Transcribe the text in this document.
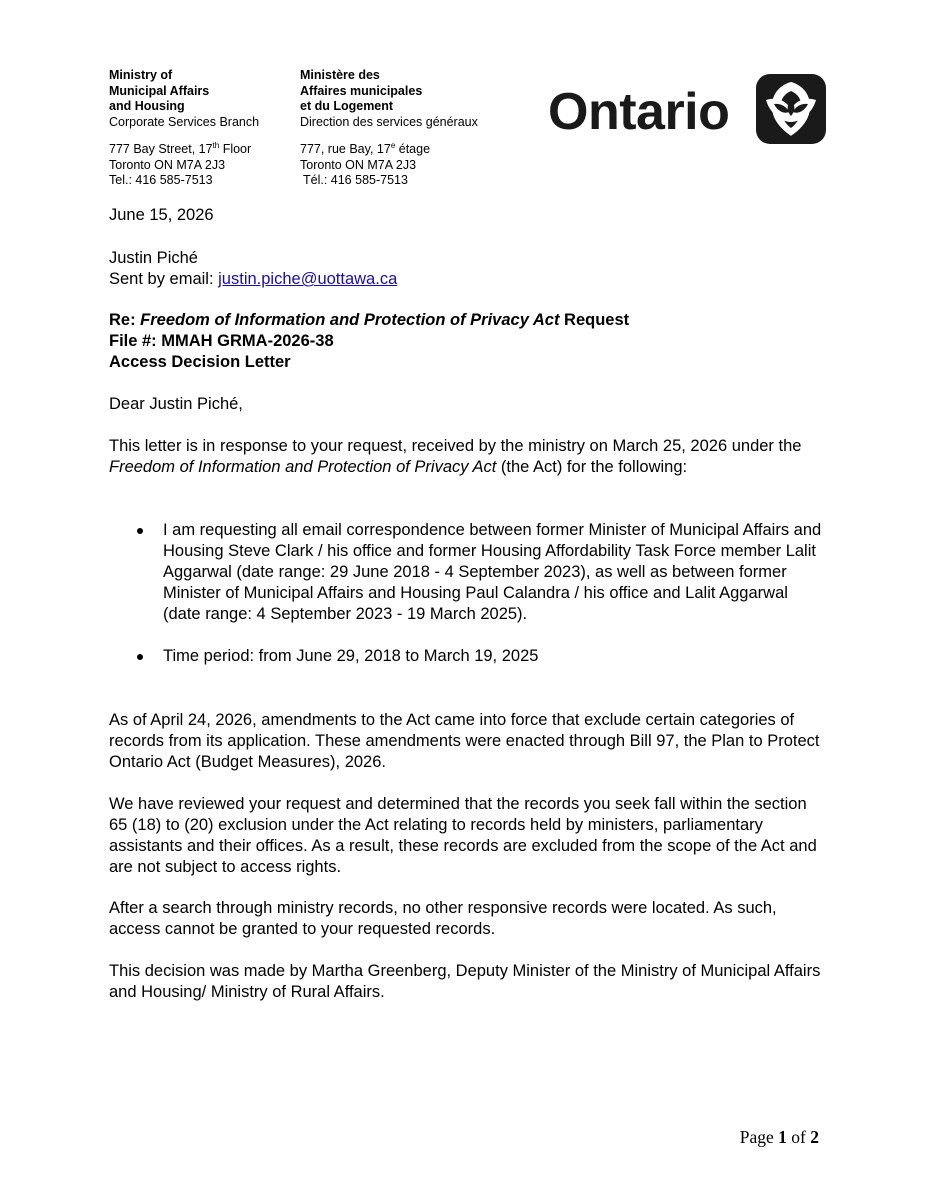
Ministry of
Municipal Affairs
and Housing
Corporate Services Branch
777 Bay Street, 17th Floor
Toronto ON M7A 2J3
Tel.: 416 585-7513
Ministère des
Affaires municipales
et du Logement
Direction des services généraux
777, rue Bay, 17e étage
Toronto ON M7A 2J3
Tél.: 416 585-7513
Ontario
June 15, 2026
Justin Piché
Sent by email: justin.piche@uottawa.ca
Re: Freedom of Information and Protection of Privacy Act Request
File #: MMAH GRMA-2026-38
Access Decision Letter
Dear Justin Piché,
This letter is in response to your request, received by the ministry on March 25, 2026 under the Freedom of Information and Protection of Privacy Act (the Act) for the following:
I am requesting all email correspondence between former Minister of Municipal Affairs and Housing Steve Clark / his office and former Housing Affordability Task Force member Lalit Aggarwal (date range: 29 June 2018 - 4 September 2023), as well as between former Minister of Municipal Affairs and Housing Paul Calandra / his office and Lalit Aggarwal (date range: 4 September 2023 - 19 March 2025).
Time period: from June 29, 2018 to March 19, 2025
As of April 24, 2026, amendments to the Act came into force that exclude certain categories of records from its application. These amendments were enacted through Bill 97, the Plan to Protect Ontario Act (Budget Measures), 2026.
We have reviewed your request and determined that the records you seek fall within the section 65 (18) to (20) exclusion under the Act relating to records held by ministers, parliamentary assistants and their offices. As a result, these records are excluded from the scope of the Act and are not subject to access rights.
After a search through ministry records, no other responsive records were located. As such, access cannot be granted to your requested records.
This decision was made by Martha Greenberg, Deputy Minister of the Ministry of Municipal Affairs and Housing/ Ministry of Rural Affairs.
Page 1 of 2
